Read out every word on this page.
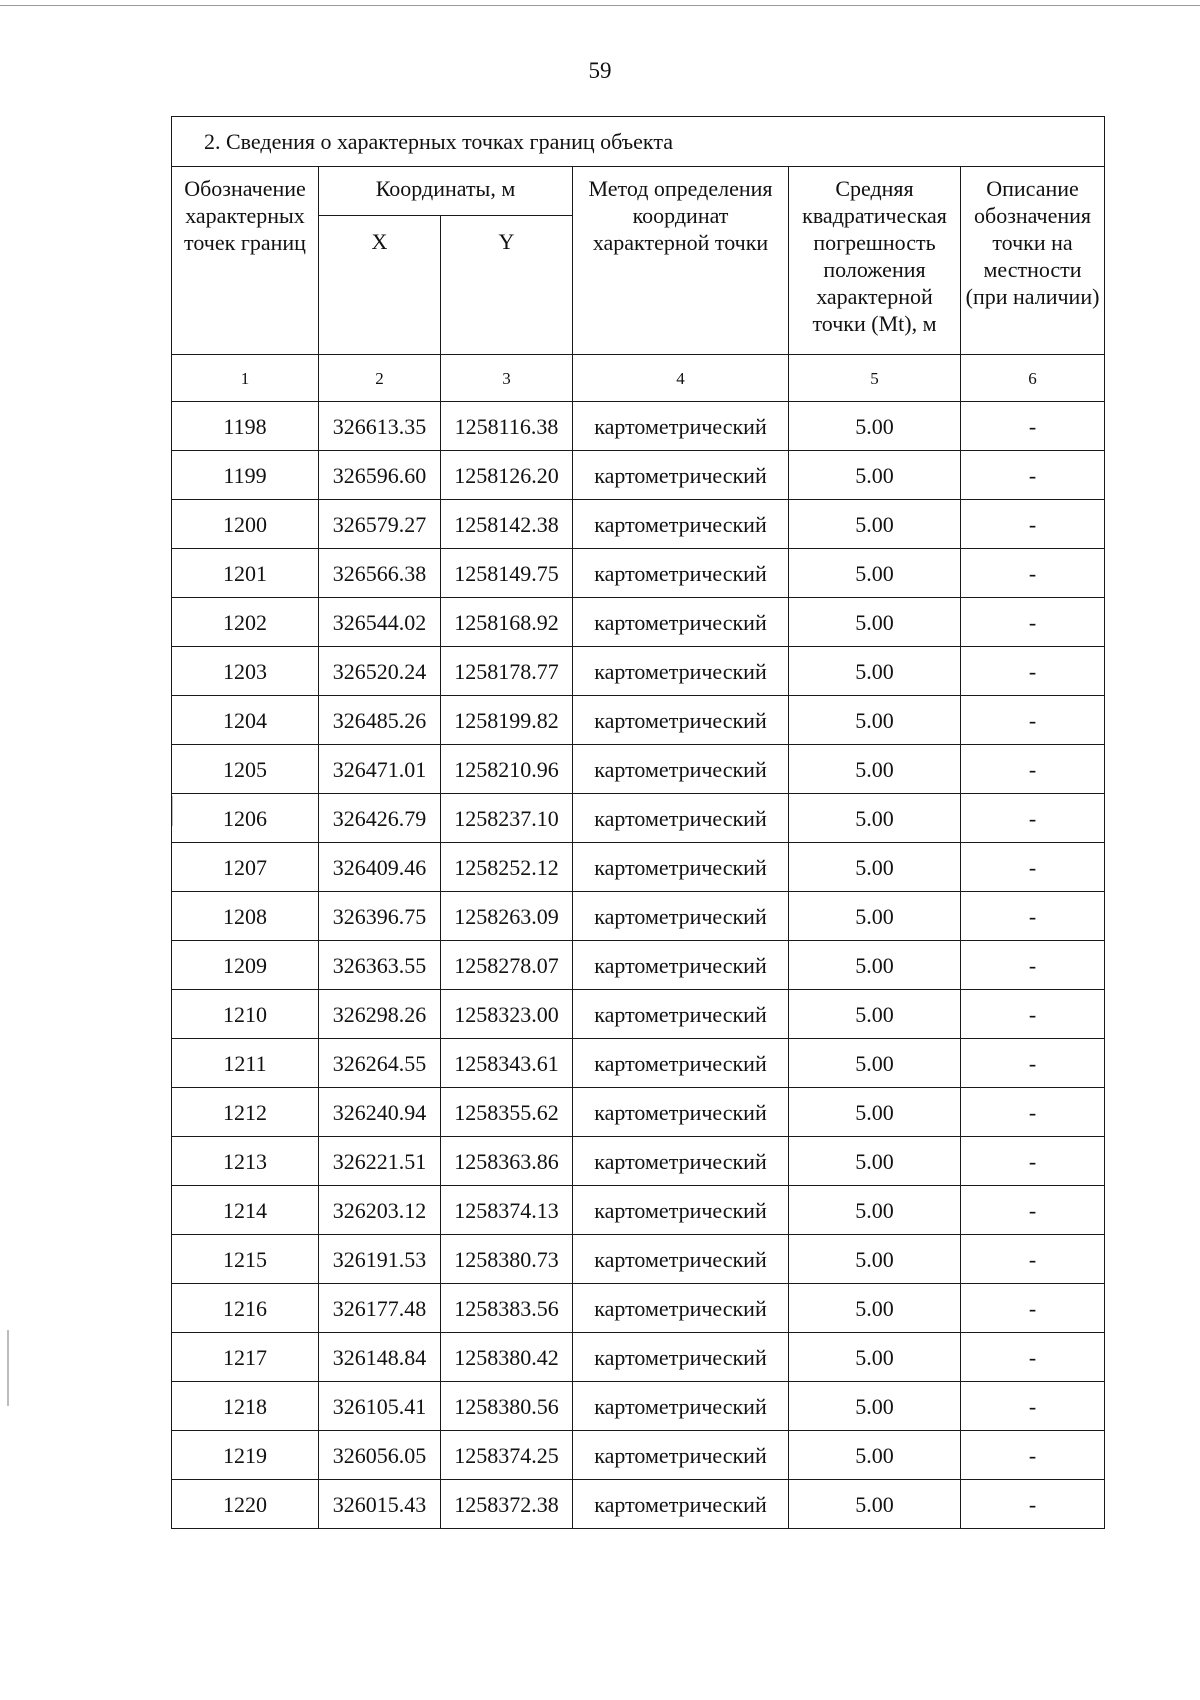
59
2. Сведения о характерных точках границ объекта					
Обозначение характерных точек границ	Координаты, м		Метод определения координат характерной точки	Средняя квадратическая погрешность положения характерной точки (Mt), м	Описание обозначения точки на местности (при наличии)
	X	Y			
1	2	3	4	5	6
1198	326613.35	1258116.38	картометрический	5.00	-
1199	326596.60	1258126.20	картометрический	5.00	-
1200	326579.27	1258142.38	картометрический	5.00	-
1201	326566.38	1258149.75	картометрический	5.00	-
1202	326544.02	1258168.92	картометрический	5.00	-
1203	326520.24	1258178.77	картометрический	5.00	-
1204	326485.26	1258199.82	картометрический	5.00	-
1205	326471.01	1258210.96	картометрический	5.00	-
1206	326426.79	1258237.10	картометрический	5.00	-
1207	326409.46	1258252.12	картометрический	5.00	-
1208	326396.75	1258263.09	картометрический	5.00	-
1209	326363.55	1258278.07	картометрический	5.00	-
1210	326298.26	1258323.00	картометрический	5.00	-
1211	326264.55	1258343.61	картометрический	5.00	-
1212	326240.94	1258355.62	картометрический	5.00	-
1213	326221.51	1258363.86	картометрический	5.00	-
1214	326203.12	1258374.13	картометрический	5.00	-
1215	326191.53	1258380.73	картометрический	5.00	-
1216	326177.48	1258383.56	картометрический	5.00	-
1217	326148.84	1258380.42	картометрический	5.00	-
1218	326105.41	1258380.56	картометрический	5.00	-
1219	326056.05	1258374.25	картометрический	5.00	-
1220	326015.43	1258372.38	картометрический	5.00	-
